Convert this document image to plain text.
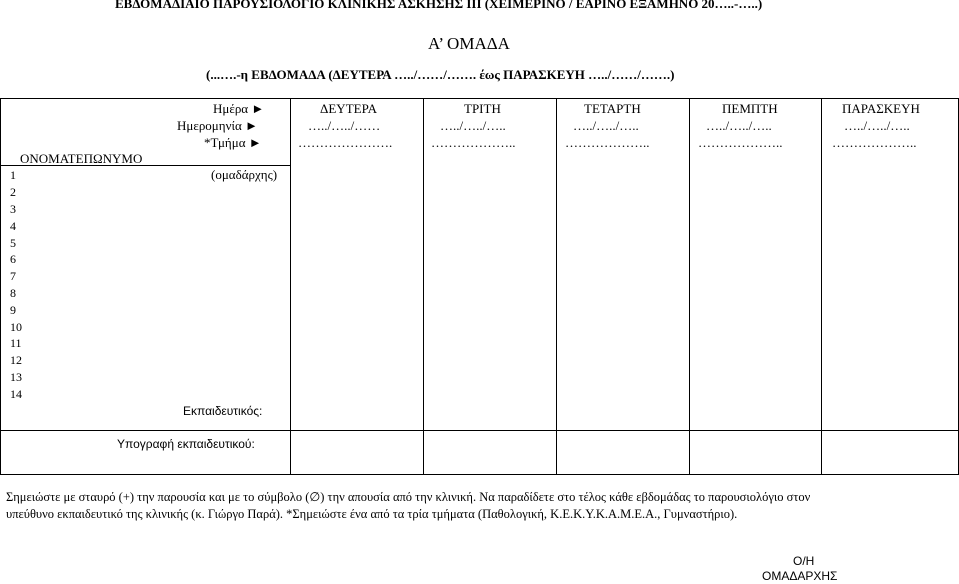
ΕΒΔΟΜΑΔΙΑΙΟ ΠΑΡΟΥΣΙΟΛΟΓΙΟ ΚΛΙΝΙΚΗΣ ΑΣΚΗΣΗΣ ΙΙΙ (ΧΕΙΜΕΡΙΝΟ / ΕΑΡΙΝΟ ΕΞΑΜΗΝΟ 20…..-…..)
Α’ ΟΜΑΔΑ
(...….-η ΕΒΔΟΜΑΔΑ (ΔΕΥΤΕΡΑ …../……/……. έως ΠΑΡΑΣΚΕΥΗ …../……/…….)
Ημέρα ►
Ημερομηνία ►
*Τμήμα ►
ΟΝΟΜΑΤΕΠΩΝΥΜΟ
(ομαδάρχης)
ΔΕΥΤΕΡΑ
…../…../……
………………….
ΤΡΙΤΗ
…../…../…..
………………..
ΤΕΤΑΡΤΗ
…../…../…..
………………..
ΠΕΜΠΤΗ
…../…../…..
………………..
ΠΑΡΑΣΚΕΥΗ
…../…../…..
………………..
1
2
3
4
5
6
7
8
9
10
11
12
13
14
Εκπαιδευτικός:
Υπογραφή εκπαιδευτικού:
Σημειώστε με σταυρό (+) την παρουσία και με το σύμβολο (∅) την απουσία από την κλινική. Να παραδίδετε στο τέλος κάθε εβδομάδας το παρουσιολόγιο στον
υπεύθυνο εκπαιδευτικό της κλινικής (κ. Γιώργο Παρά). *Σημειώστε ένα από τα τρία τμήματα (Παθολογική, Κ.Ε.Κ.Υ.Κ.Α.Μ.Ε.Α., Γυμναστήριο).
Ο/Η
ΟΜΑΔΑΡΧΗΣ
